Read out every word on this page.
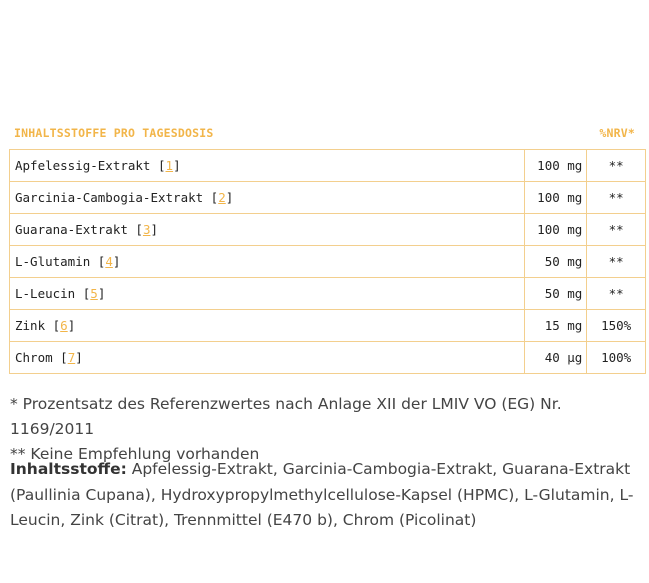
INHALTSSTOFFE PRO TAGESDOSIS	%NRV*
Apfelessig-Extrakt [1]	100 mg	**
Garcinia-Cambogia-Extrakt [2]	100 mg	**
Guarana-Extrakt [3]	100 mg	**
L-Glutamin [4]	50 mg	**
L-Leucin [5]	50 mg	**
Zink [6]	15 mg	150%
Chrom [7]	40 µg	100%
* Prozentsatz des Referenzwertes nach Anlage XII der LMIV VO (EG) Nr. 1169/2011
** Keine Empfehlung vorhanden
Inhaltsstoffe: Apfelessig-Extrakt, Garcinia-Cambogia-Extrakt, Guarana-Extrakt (Paullinia Cupana), Hydroxypropylmethylcellulose-Kapsel (HPMC), L-Glutamin, L-Leucin, Zink (Citrat), Trennmittel (E470 b), Chrom (Picolinat)
